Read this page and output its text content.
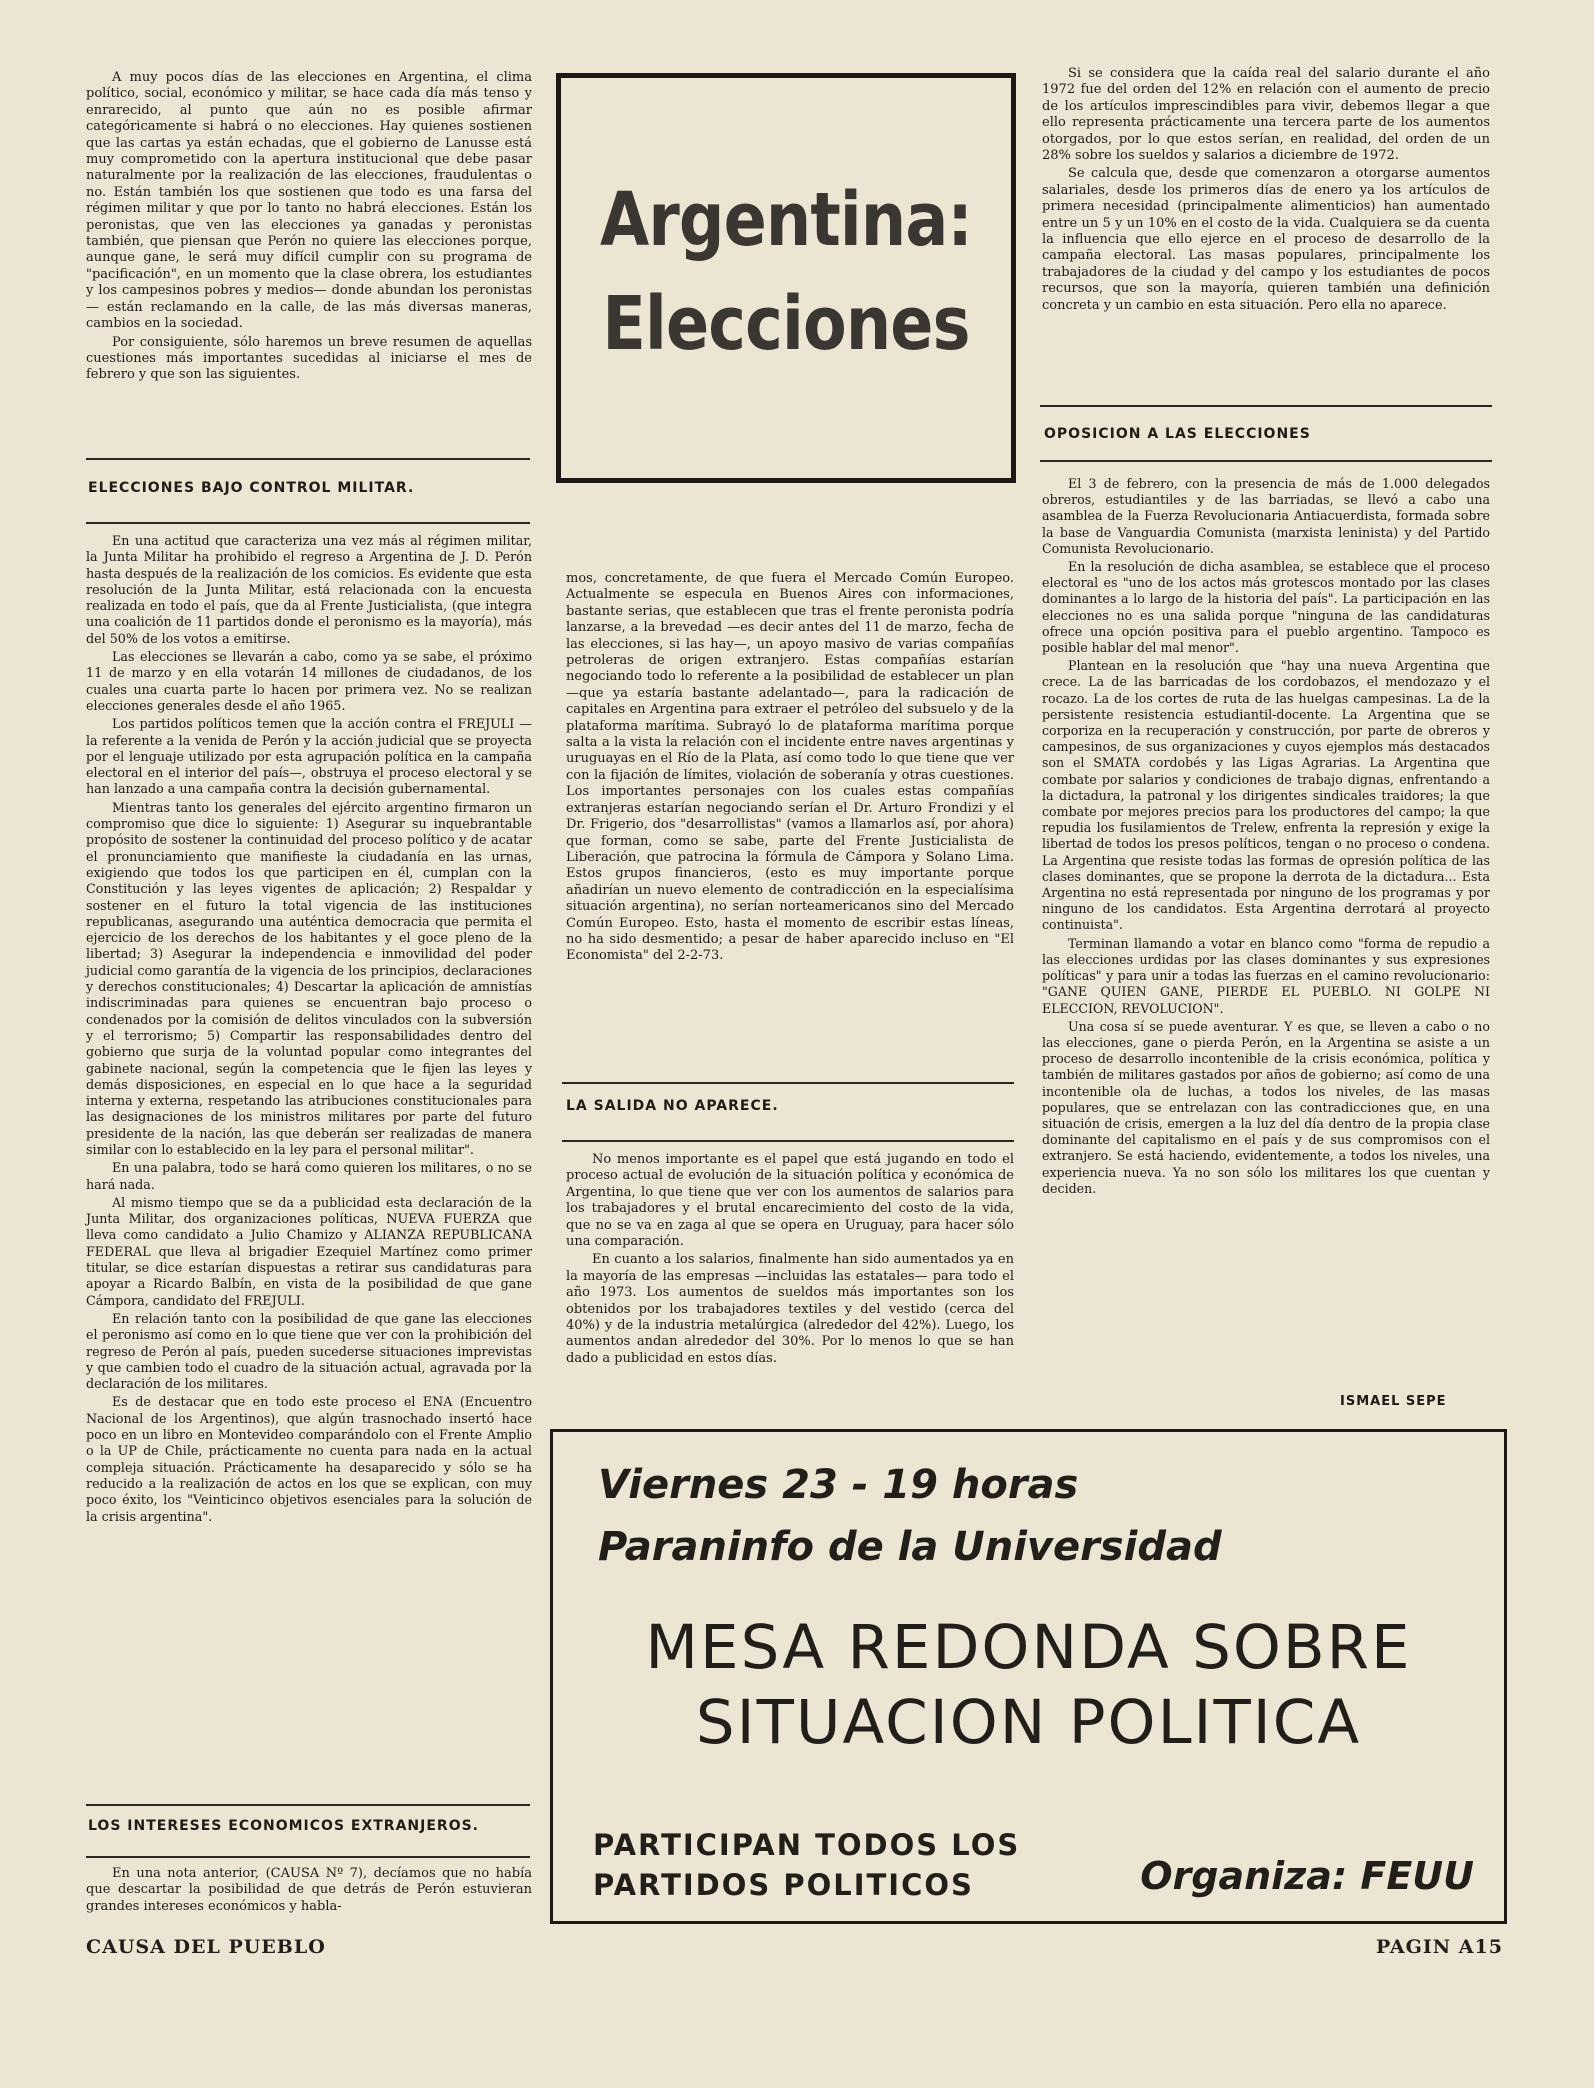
A muy pocos días de las elecciones en Argentina, el clima político, social, económico y militar, se hace cada día más tenso y enrarecido, al punto que aún no es posible afirmar categóricamente si habrá o no elecciones. Hay quienes sostienen que las cartas ya están echadas, que el gobierno de Lanusse está muy comprometido con la apertura institucional que debe pasar naturalmente por la realización de las elecciones, fraudulentas o no. Están también los que sostienen que todo es una farsa del régimen militar y que por lo tanto no habrá elecciones. Están los peronistas, que ven las elecciones ya ganadas y peronistas también, que piensan que Perón no quiere las elecciones porque, aunque gane, le será muy difícil cumplir con su programa de "pacificación", en un momento que la clase obrera, los estudiantes y los campesinos pobres y medios— donde abundan los peronistas— están reclamando en la calle, de las más diversas maneras, cambios en la sociedad.

Por consiguiente, sólo haremos un breve resumen de aquellas cuestiones más importantes sucedidas al iniciarse el mes de febrero y que son las siguientes.

ELECCIONES BAJO CONTROL MILITAR.

En una actitud que caracteriza una vez más al régimen militar, la Junta Militar ha prohibido el regreso a Argentina de J. D. Perón hasta después de la realización de los comicios. Es evidente que esta resolución de la Junta Militar, está relacionada con la encuesta realizada en todo el país, que da al Frente Justicialista, (que integra una coalición de 11 partidos donde el peronismo es la mayoría), más del 50% de los votos a emitirse.

Las elecciones se llevarán a cabo, como ya se sabe, el próximo 11 de marzo y en ella votarán 14 millones de ciudadanos, de los cuales una cuarta parte lo hacen por primera vez. No se realizan elecciones generales desde el año 1965.

Los partidos políticos temen que la acción contra el FREJULI —la referente a la venida de Perón y la acción judicial que se proyecta por el lenguaje utilizado por esta agrupación política en la campaña electoral en el interior del país—, obstruya el proceso electoral y se han lanzado a una campaña contra la decisión gubernamental.

Mientras tanto los generales del ejército argentino firmaron un compromiso que dice lo siguiente: 1) Asegurar su inquebrantable propósito de sostener la continuidad del proceso político y de acatar el pronunciamiento que manifieste la ciudadanía en las urnas, exigiendo que todos los que participen en él, cumplan con la Constitución y las leyes vigentes de aplicación; 2) Respaldar y sostener en el futuro la total vigencia de las instituciones republicanas, asegurando una auténtica democracia que permita el ejercicio de los derechos de los habitantes y el goce pleno de la libertad; 3) Asegurar la independencia e inmovilidad del poder judicial como garantía de la vigencia de los principios, declaraciones y derechos constitucionales; 4) Descartar la aplicación de amnistías indiscriminadas para quienes se encuentran bajo proceso o condenados por la comisión de delitos vinculados con la subversión y el terrorismo; 5) Compartir las responsabilidades dentro del gobierno que surja de la voluntad popular como integrantes del gabinete nacional, según la competencia que le fijen las leyes y demás disposiciones, en especial en lo que hace a la seguridad interna y externa, respetando las atribuciones constitucionales para las designaciones de los ministros militares por parte del futuro presidente de la nación, las que deberán ser realizadas de manera similar con lo establecido en la ley para el personal militar".

En una palabra, todo se hará como quieren los militares, o no se hará nada.

Al mismo tiempo que se da a publicidad esta declaración de la Junta Militar, dos organizaciones políticas, NUEVA FUERZA que lleva como candidato a Julio Chamizo y ALIANZA REPUBLICANA FEDERAL que lleva al brigadier Ezequiel Martínez como primer titular, se dice estarían dispuestas a retirar sus candidaturas para apoyar a Ricardo Balbín, en vista de la posibilidad de que gane Cámpora, candidato del FREJULI.

En relación tanto con la posibilidad de que gane las elecciones el peronismo así como en lo que tiene que ver con la prohibición del regreso de Perón al país, pueden sucederse situaciones imprevistas y que cambien todo el cuadro de la situación actual, agravada por la declaración de los militares.

Es de destacar que en todo este proceso el ENA (Encuentro Nacional de los Argentinos), que algún trasnochado insertó hace poco en un libro en Montevideo comparándolo con el Frente Amplio o la UP de Chile, prácticamente no cuenta para nada en la actual compleja situación. Prácticamente ha desaparecido y sólo se ha reducido a la realización de actos en los que se explican, con muy poco éxito, los "Veinticinco objetivos esenciales para la solución de la crisis argentina".

LOS INTERESES ECONOMICOS EXTRANJEROS.

En una nota anterior, (CAUSA Nº 7), decíamos que no había que descartar la posibilidad de que detrás de Perón estuvieran grandes intereses económicos y habla-

Argentina:
Elecciones

mos, concretamente, de que fuera el Mercado Común Europeo. Actualmente se especula en Buenos Aires con informaciones, bastante serias, que establecen que tras el frente peronista podría lanzarse, a la brevedad —es decir antes del 11 de marzo, fecha de las elecciones, si las hay—, un apoyo masivo de varias compañías petroleras de origen extranjero. Estas compañías estarían negociando todo lo referente a la posibilidad de establecer un plan —que ya estaría bastante adelantado—, para la radicación de capitales en Argentina para extraer el petróleo del subsuelo y de la plataforma marítima. Subrayó lo de plataforma marítima porque salta a la vista la relación con el incidente entre naves argentinas y uruguayas en el Río de la Plata, así como todo lo que tiene que ver con la fijación de límites, violación de soberanía y otras cuestiones. Los importantes personajes con los cuales estas compañías extranjeras estarían negociando serían el Dr. Arturo Frondizi y el Dr. Frigerio, dos "desarrollistas" (vamos a llamarlos así, por ahora) que forman, como se sabe, parte del Frente Justicialista de Liberación, que patrocina la fórmula de Cámpora y Solano Lima. Estos grupos financieros, (esto es muy importante porque añadirían un nuevo elemento de contradicción en la especialísima situación argentina), no serían norteamericanos sino del Mercado Común Europeo. Esto, hasta el momento de escribir estas líneas, no ha sido desmentido; a pesar de haber aparecido incluso en "El Economista" del 2-2-73.

LA SALIDA NO APARECE.

No menos importante es el papel que está jugando en todo el proceso actual de evolución de la situación política y económica de Argentina, lo que tiene que ver con los aumentos de salarios para los trabajadores y el brutal encarecimiento del costo de la vida, que no se va en zaga al que se opera en Uruguay, para hacer sólo una comparación.

En cuanto a los salarios, finalmente han sido aumentados ya en la mayoría de las empresas —incluidas las estatales— para todo el año 1973. Los aumentos de sueldos más importantes son los obtenidos por los trabajadores textiles y del vestido (cerca del 40%) y de la industria metalúrgica (alrededor del 42%). Luego, los aumentos andan alrededor del 30%. Por lo menos lo que se han dado a publicidad en estos días.

Si se considera que la caída real del salario durante el año 1972 fue del orden del 12% en relación con el aumento de precio de los artículos imprescindibles para vivir, debemos llegar a que ello representa prácticamente una tercera parte de los aumentos otorgados, por lo que estos serían, en realidad, del orden de un 28% sobre los sueldos y salarios a diciembre de 1972.

Se calcula que, desde que comenzaron a otorgarse aumentos salariales, desde los primeros días de enero ya los artículos de primera necesidad (principalmente alimenticios) han aumentado entre un 5 y un 10% en el costo de la vida. Cualquiera se da cuenta la influencia que ello ejerce en el proceso de desarrollo de la campaña electoral. Las masas populares, principalmente los trabajadores de la ciudad y del campo y los estudiantes de pocos recursos, que son la mayoría, quieren también una definición concreta y un cambio en esta situación. Pero ella no aparece.

OPOSICION A LAS ELECCIONES

El 3 de febrero, con la presencia de más de 1.000 delegados obreros, estudiantiles y de las barriadas, se llevó a cabo una asamblea de la Fuerza Revolucionaria Antiacuerdista, formada sobre la base de Vanguardia Comunista (marxista leninista) y del Partido Comunista Revolucionario.

En la resolución de dicha asamblea, se establece que el proceso electoral es "uno de los actos más grotescos montado por las clases dominantes a lo largo de la historia del país". La participación en las elecciones no es una salida porque "ninguna de las candidaturas ofrece una opción positiva para el pueblo argentino. Tampoco es posible hablar del mal menor".

Plantean en la resolución que "hay una nueva Argentina que crece. La de las barricadas de los cordobazos, el mendozazo y el rocazo. La de los cortes de ruta de las huelgas campesinas. La de la persistente resistencia estudiantil-docente. La Argentina que se corporiza en la recuperación y construcción, por parte de obreros y campesinos, de sus organizaciones y cuyos ejemplos más destacados son el SMATA cordobés y las Ligas Agrarias. La Argentina que combate por salarios y condiciones de trabajo dignas, enfrentando a la dictadura, la patronal y los dirigentes sindicales traidores; la que combate por mejores precios para los productores del campo; la que repudia los fusilamientos de Trelew, enfrenta la represión y exige la libertad de todos los presos políticos, tengan o no proceso o condena. La Argentina que resiste todas las formas de opresión política de las clases dominantes, que se propone la derrota de la dictadura... Esta Argentina no está representada por ninguno de los programas y por ninguno de los candidatos. Esta Argentina derrotará al proyecto continuista".

Terminan llamando a votar en blanco como "forma de repudio a las elecciones urdidas por las clases dominantes y sus expresiones políticas" y para unir a todas las fuerzas en el camino revolucionario: "GANE QUIEN GANE, PIERDE EL PUEBLO. NI GOLPE NI ELECCION, REVOLUCION".

Una cosa sí se puede aventurar. Y es que, se lleven a cabo o no las elecciones, gane o pierda Perón, en la Argentina se asiste a un proceso de desarrollo incontenible de la crisis económica, política y también de militares gastados por años de gobierno; así como de una incontenible ola de luchas, a todos los niveles, de las masas populares, que se entrelazan con las contradicciones que, en una situación de crisis, emergen a la luz del día dentro de la propia clase dominante del capitalismo en el país y de sus compromisos con el extranjero. Se está haciendo, evidentemente, a todos los niveles, una experiencia nueva. Ya no son sólo los militares los que cuentan y deciden.

ISMAEL SEPE
Viernes 23 - 19 horas
Paraninfo de la Universidad
MESA REDONDA SOBRE
SITUACION POLITICA
PARTICIPAN TODOS LOS
PARTIDOS POLITICOS	Organiza: FEUU
CAUSA DEL PUEBLO	PAGIN A15
